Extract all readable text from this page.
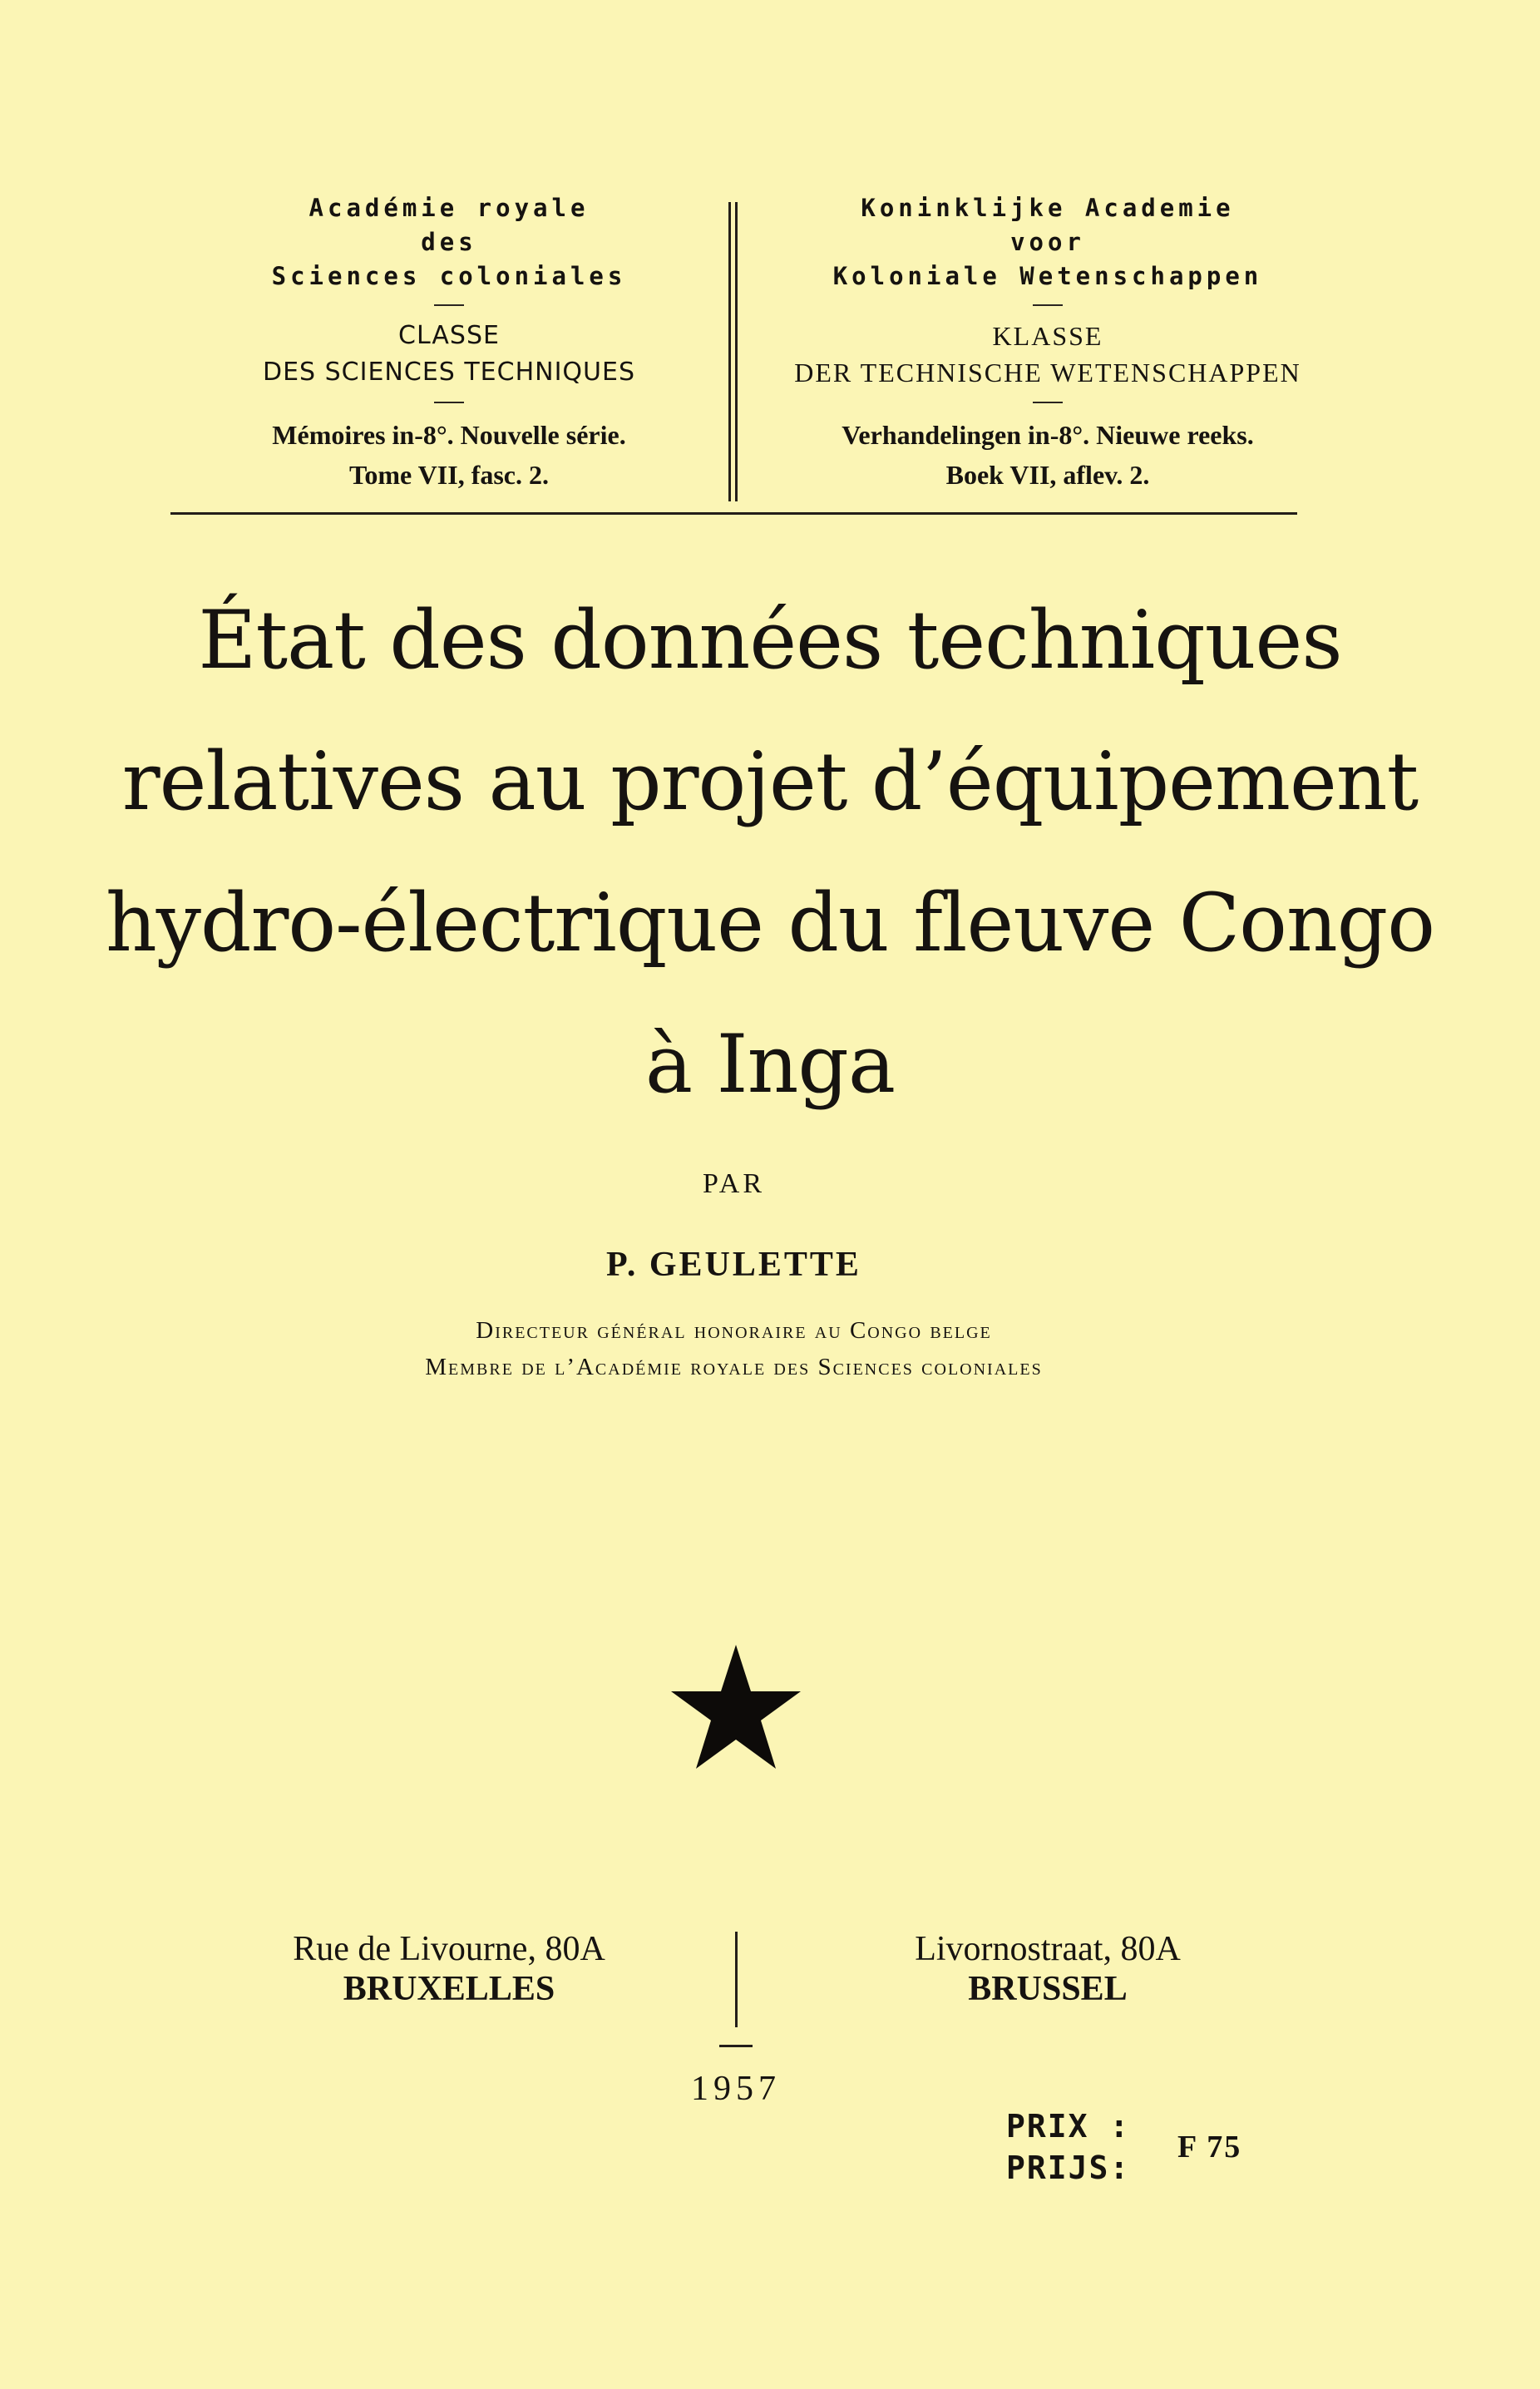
Académie royale
des
Sciences coloniales
CLASSE
DES SCIENCES TECHNIQUES
Mémoires in-8°. Nouvelle série.
Tome VII, fasc. 2.
Koninklijke Academie
voor
Koloniale Wetenschappen
KLASSE
DER TECHNISCHE WETENSCHAPPEN
Verhandelingen in-8°. Nieuwe reeks.
Boek VII, aflev. 2.
État des données techniques
relatives au projet d’équipement
hydro-électrique du fleuve Congo
à Inga
PAR
P. GEULETTE
Directeur général honoraire au Congo belge
Membre de l’Académie royale des Sciences coloniales
Rue de Livourne, 80A
BRUXELLES
Livornostraat, 80A
BRUSSEL
1957
PRIX :
PRIJS:
F 75
